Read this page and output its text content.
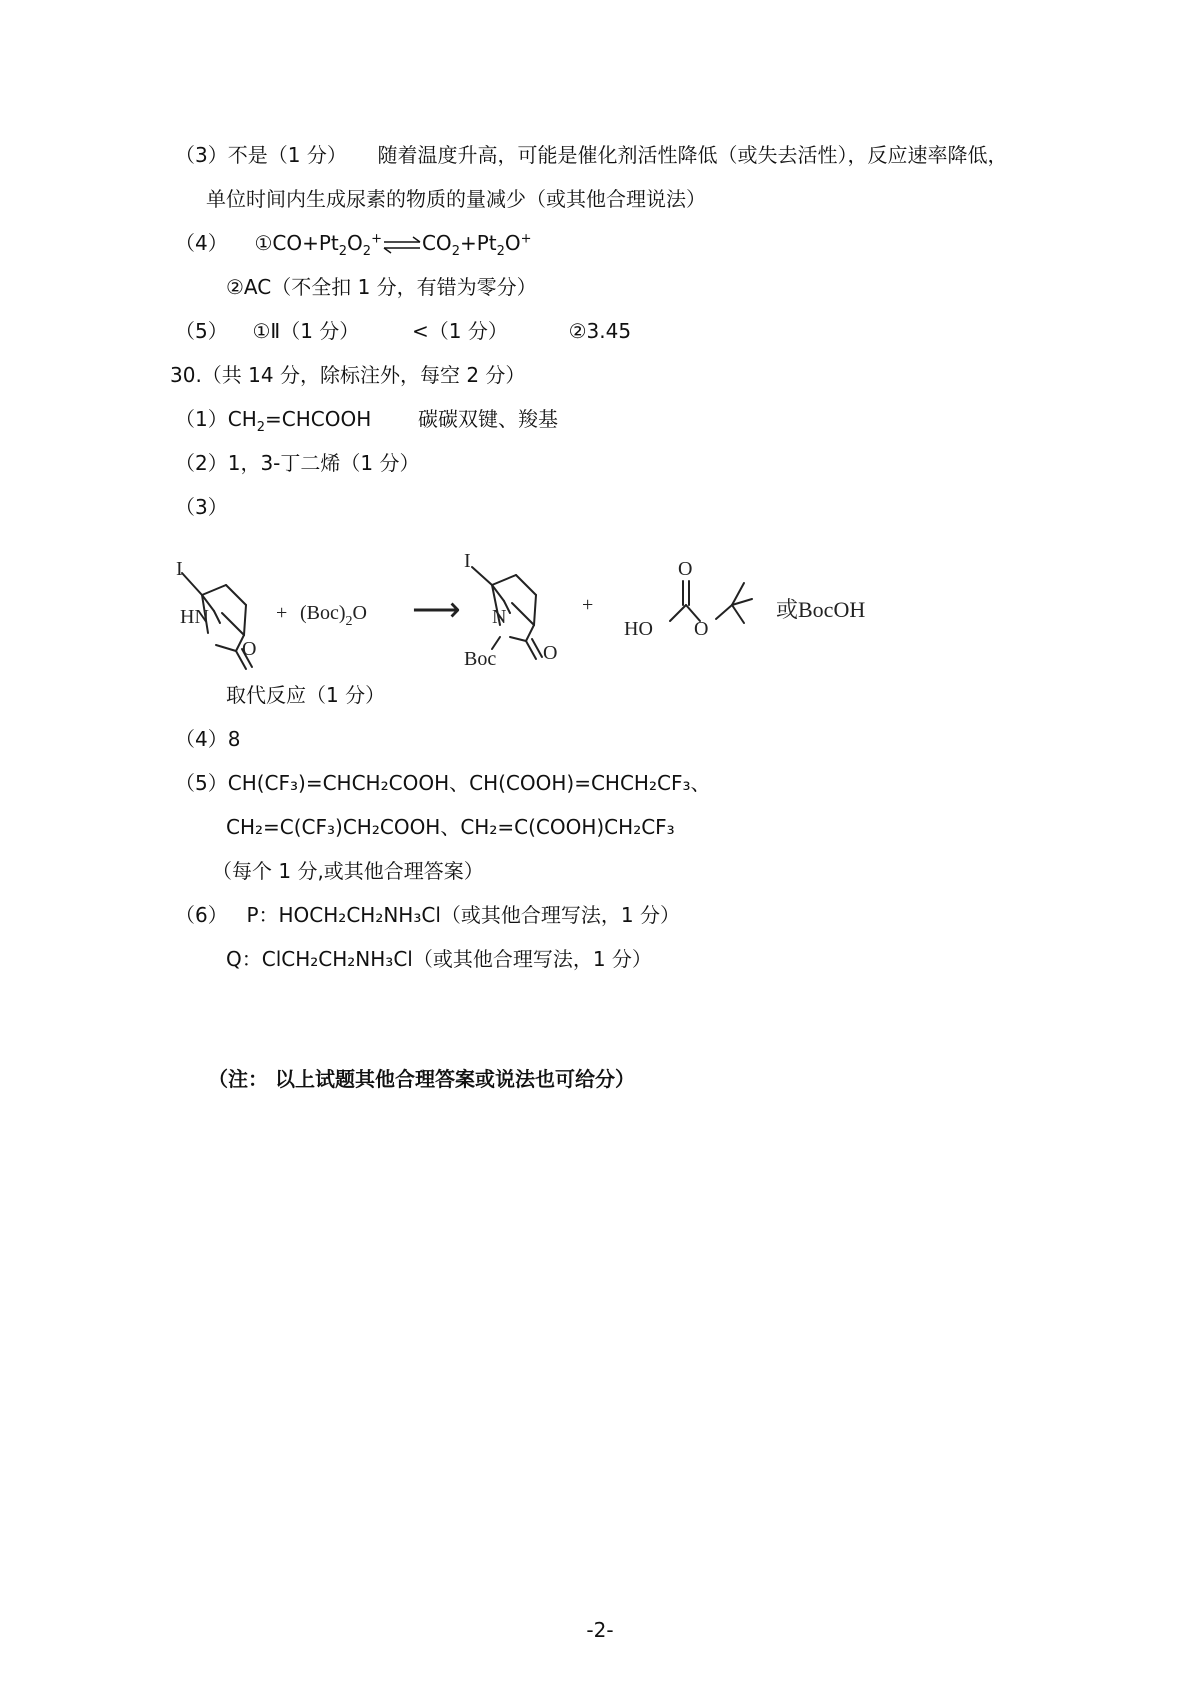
（3）不是（1 分） 随着温度升高，可能是催化剂活性降低（或失去活性），反应速率降低，
单位时间内生成尿素的物质的量减少（或其他合理说法）
（4） $①CO+Pt_2O_2^+\rightleftharpoons CO_2+Pt_2O^+$
②AC（不全扣 1 分，有错为零分）
（5） ①Ⅱ（1 分）	<（1 分）	②3.45
30.（共 14 分，除标注外，每空 2 分）
$(1)CH_2=CHCOOH$ 碳碳双键、羧基
（2）1，3-丁二烯（1 分）
（3）
I
HN
O
+ $(Boc)_2O$ ⟶
I
N
Boc O
+
O
HO O
或BocOH
取代反应（1 分）
（4）8
（5）CH(CF₃)=CHCH₂COOH、CH(COOH)=CHCH₂CF₃、
CH₂=C(CF₃)CH₂COOH、CH₂=C(COOH)CH₂CF₃
（每个 1 分,或其他合理答案）
（6） P：HOCH₂CH₂NH₃Cl（或其他合理写法，1 分）
Q：ClCH₂CH₂NH₃Cl（或其他合理写法，1 分）
（注： 以上试题其他合理答案或说法也可给分）
-2-
